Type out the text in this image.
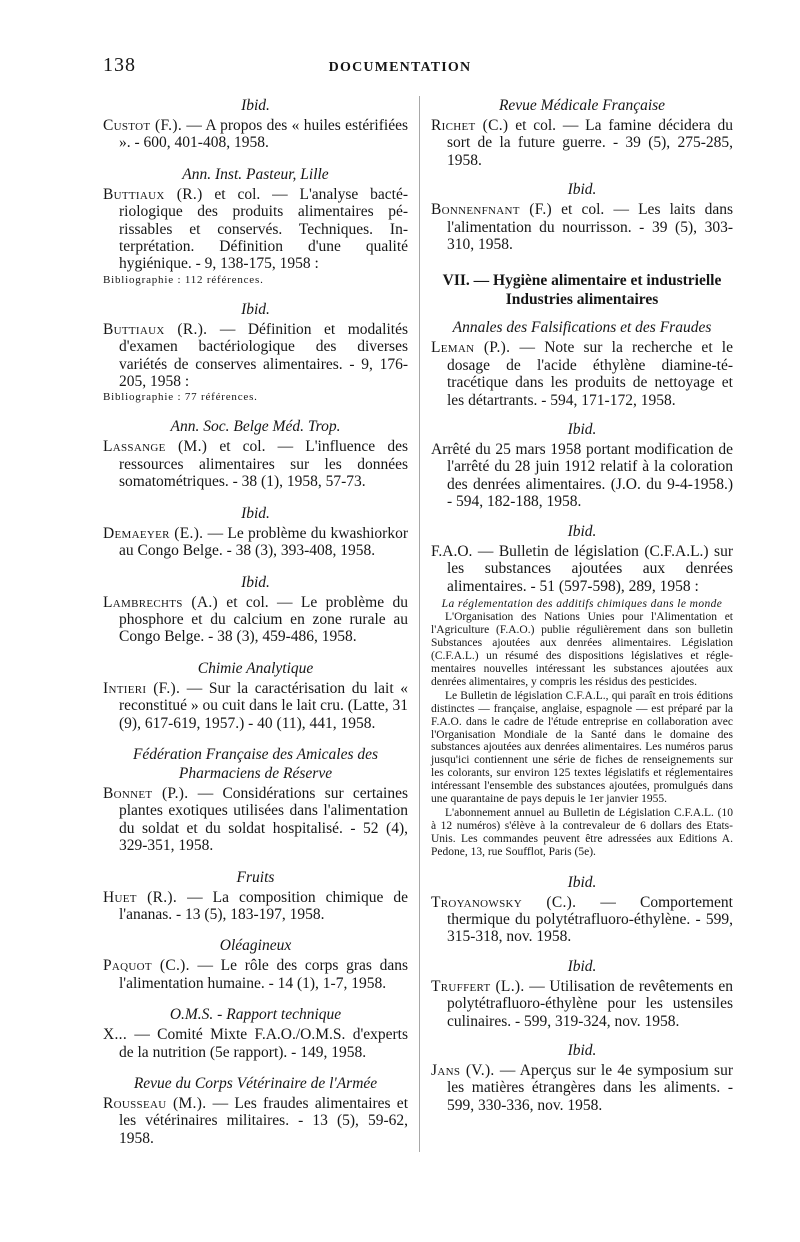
138	DOCUMENTATION
Ibid.
Custot (F.). — A propos des « huiles estérifiées ». - 600, 401-408, 1958.
Ann. Inst. Pasteur, Lille
Buttiaux (R.) et col. — L'analyse bactériologique des produits alimentaires périssables et conservés. Techniques. Interprétation. Définition d'une qualité hygiénique. - 9, 138-175, 1958 :
Bibliographie : 112 références.
Ibid.
Buttiaux (R.). — Définition et modalités d'examen bactériologique des diverses variétés de conserves alimentaires. - 9, 176-205, 1958 :
Bibliographie : 77 références.
Ann. Soc. Belge Méd. Trop.
Lassange (M.) et col. — L'influence des ressources alimentaires sur les données somatométriques. - 38 (1), 1958, 57-73.
Ibid.
Demaeyer (E.). — Le problème du kwashiorkor au Congo Belge. - 38 (3), 393-408, 1958.
Ibid.
Lambrechts (A.) et col. — Le problème du phosphore et du calcium en zone rurale au Congo Belge. - 38 (3), 459-486, 1958.
Chimie Analytique
Intieri (F.). — Sur la caractérisation du lait « reconstitué » ou cuit dans le lait cru. (Latte, 31 (9), 617-619, 1957.) - 40 (11), 441, 1958.
Fédération Française des Amicales des Pharmaciens de Réserve
Bonnet (P.). — Considérations sur certaines plantes exotiques utilisées dans l'alimentation du soldat et du soldat hospitalisé. - 52 (4), 329-351, 1958.
Fruits
Huet (R.). — La composition chimique de l'ananas. - 13 (5), 183-197, 1958.
Oléagineux
Paquot (C.). — Le rôle des corps gras dans l'alimentation humaine. - 14 (1), 1-7, 1958.
O.M.S. - Rapport technique
X... — Comité Mixte F.A.O./O.M.S. d'experts de la nutrition (5e rapport). - 149, 1958.
Revue du Corps Vétérinaire de l'Armée
Rousseau (M.). — Les fraudes alimentaires et les vétérinaires militaires. - 13 (5), 59-62, 1958.
Revue Médicale Française
Richet (C.) et col. — La famine décidera du sort de la future guerre. - 39 (5), 275-285, 1958.
Ibid.
Bonnenfnant (F.) et col. — Les laits dans l'alimentation du nourrisson. - 39 (5), 303-310, 1958.
VII. — Hygiène alimentaire et industrielle
Industries alimentaires
Annales des Falsifications et des Fraudes
Leman (P.). — Note sur la recherche et le dosage de l'acide éthylène diamine-tétracétique dans les produits de nettoyage et les détartrants. - 594, 171-172, 1958.
Ibid.
Arrêté du 25 mars 1958 portant modification de l'arrêté du 28 juin 1912 relatif à la coloration des denrées alimentaires. (J.O. du 9-4-1958.) - 594, 182-188, 1958.
Ibid.
F.A.O. — Bulletin de législation (C.F.A.L.) sur les substances ajoutées aux denrées alimentaires. - 51 (597-598), 289, 1958 :
La réglementation des additifs chimiques dans le monde
L'Organisation des Nations Unies pour l'Alimentation et l'Agriculture (F.A.O.) publie régulièrement dans son bulletin Substances ajoutées aux denrées alimentaires. Législation (C.F.A.L.) un résumé des dispositions législatives et réglementaires nouvelles intéressant les substances ajoutées aux denrées alimentaires, y compris les résidus des pesticides.
Le Bulletin de législation C.F.A.L., qui paraît en trois éditions distinctes — française, anglaise, espagnole — est préparé par la F.A.O. dans le cadre de l'étude entreprise en collaboration avec l'Organisation Mondiale de la Santé dans le domaine des substances ajoutées aux denrées alimentaires. Les numéros parus jusqu'ici contiennent une série de fiches de renseignements sur les colorants, sur environ 125 textes législatifs et réglementaires intéressant l'ensemble des substances ajoutées, promulgués dans une quarantaine de pays depuis le 1er janvier 1955.
L'abonnement annuel au Bulletin de Législation C.F.A.L. (10 à 12 numéros) s'élève à la contrevaleur de 6 dollars des Etats-Unis. Les commandes peuvent être adressées aux Editions A. Pedone, 13, rue Soufflot, Paris (5e).
Ibid.
Troyanowsky (C.). — Comportement thermique du polytétrafluoro-éthylène. - 599, 315-318, nov. 1958.
Ibid.
Truffert (L.). — Utilisation de revêtements en polytétrafluoro-éthylène pour les ustensiles culinaires. - 599, 319-324, nov. 1958.
Ibid.
Jans (V.). — Aperçus sur le 4e symposium sur les matières étrangères dans les aliments. - 599, 330-336, nov. 1958.
